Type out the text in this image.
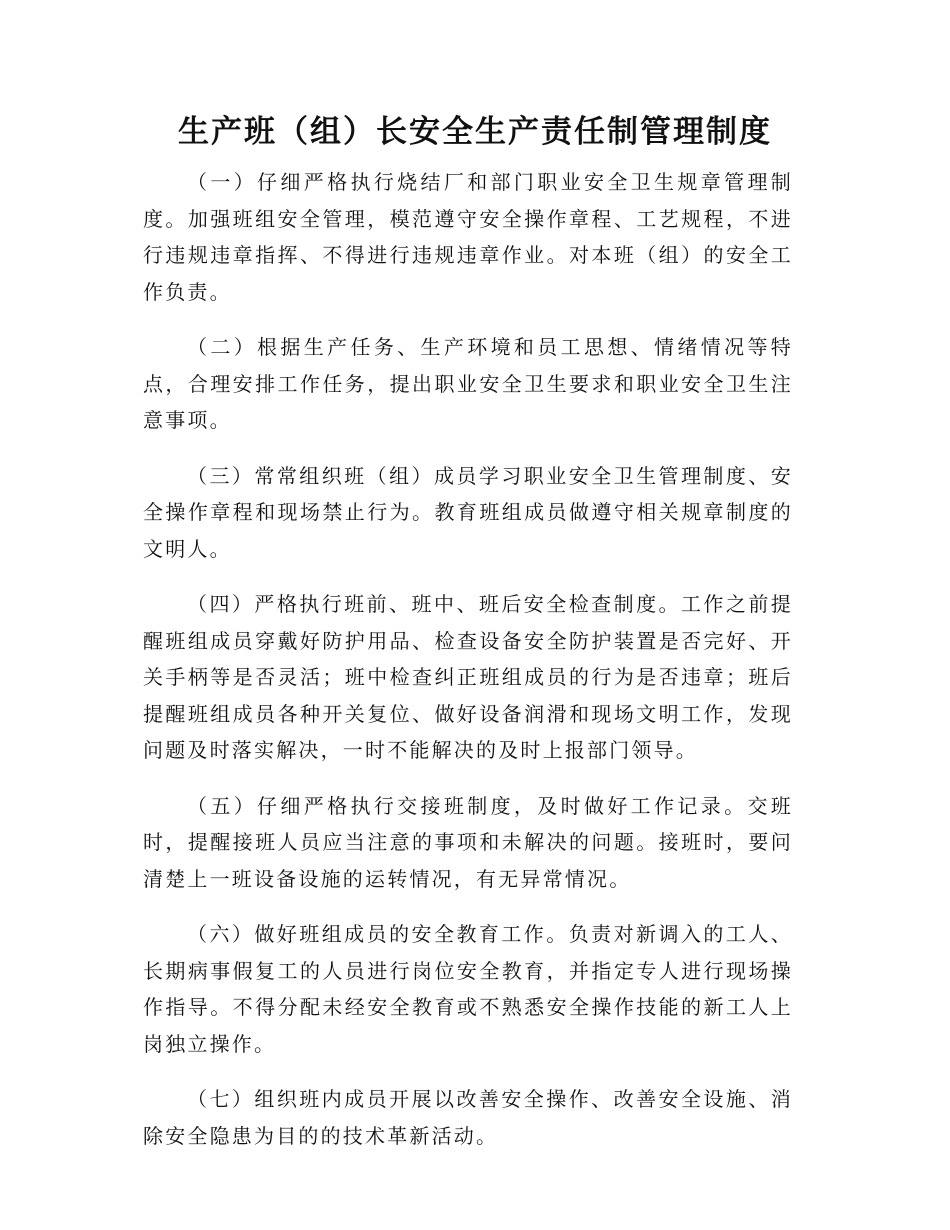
生产班（组）长安全生产责任制管理制度

（一）仔细严格执行烧结厂和部门职业安全卫生规章管理制度。加强班组安全管理，模范遵守安全操作章程、工艺规程，不进行违规违章指挥、不得进行违规违章作业。对本班（组）的安全工作负责。

（二）根据生产任务、生产环境和员工思想、情绪情况等特点，合理安排工作任务，提出职业安全卫生要求和职业安全卫生注意事项。

（三）常常组织班（组）成员学习职业安全卫生管理制度、安全操作章程和现场禁止行为。教育班组成员做遵守相关规章制度的文明人。

（四）严格执行班前、班中、班后安全检查制度。工作之前提醒班组成员穿戴好防护用品、检查设备安全防护装置是否完好、开关手柄等是否灵活；班中检查纠正班组成员的行为是否违章；班后提醒班组成员各种开关复位、做好设备润滑和现场文明工作，发现问题及时落实解决，一时不能解决的及时上报部门领导。

（五）仔细严格执行交接班制度，及时做好工作记录。交班时，提醒接班人员应当注意的事项和未解决的问题。接班时，要问清楚上一班设备设施的运转情况，有无异常情况。

（六）做好班组成员的安全教育工作。负责对新调入的工人、长期病事假复工的人员进行岗位安全教育，并指定专人进行现场操作指导。不得分配未经安全教育或不熟悉安全操作技能的新工人上岗独立操作。

（七）组织班内成员开展以改善安全操作、改善安全设施、消除安全隐患为目的的技术革新活动。
